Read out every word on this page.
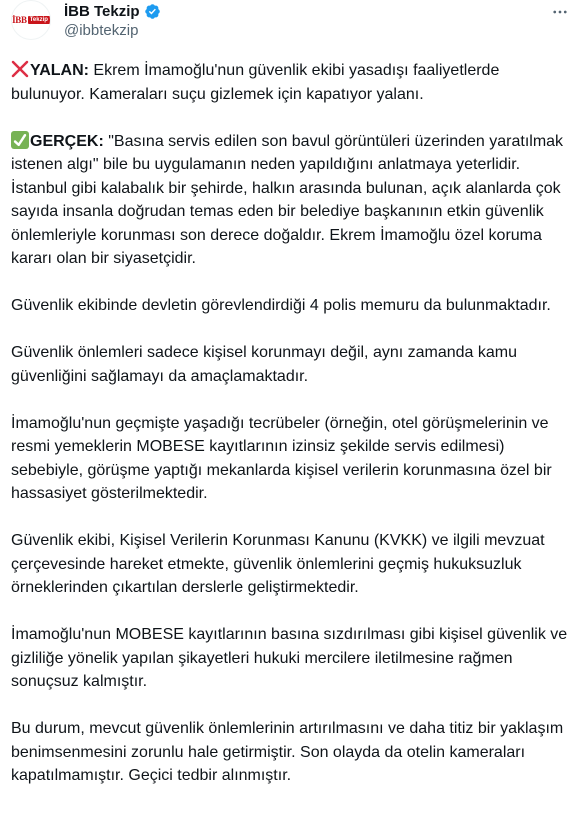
İBB Tekzip
İBB Tekzip
@ibbtekzip

YALAN: Ekrem İmamoğlu'nun güvenlik ekibi yasadışı faaliyetlerde bulunuyor. Kameraları suçu gizlemek için kapatıyor yalanı.

GERÇEK: "Basına servis edilen son bavul görüntüleri üzerinden yaratılmak istenen algı" bile bu uygulamanın neden yapıldığını anlatmaya yeterlidir. İstanbul gibi kalabalık bir şehirde, halkın arasında bulunan, açık alanlarda çok sayıda insanla doğrudan temas eden bir belediye başkanının etkin güvenlik önlemleriyle korunması son derece doğaldır. Ekrem İmamoğlu özel koruma kararı olan bir siyasetçidir.

Güvenlik ekibinde devletin görevlendirdiği 4 polis memuru da bulunmaktadır.

Güvenlik önlemleri sadece kişisel korunmayı değil, aynı zamanda kamu güvenliğini sağlamayı da amaçlamaktadır.

İmamoğlu'nun geçmişte yaşadığı tecrübeler (örneğin, otel görüşmelerinin ve resmi yemeklerin MOBESE kayıtlarının izinsiz şekilde servis edilmesi) sebebiyle, görüşme yaptığı mekanlarda kişisel verilerin korunmasına özel bir hassasiyet gösterilmektedir.

Güvenlik ekibi, Kişisel Verilerin Korunması Kanunu (KVKK) ve ilgili mevzuat çerçevesinde hareket etmekte, güvenlik önlemlerini geçmiş hukuksuzluk örneklerinden çıkartılan derslerle geliştirmektedir.

İmamoğlu'nun MOBESE kayıtlarının basına sızdırılması gibi kişisel güvenlik ve gizliliğe yönelik yapılan şikayetleri hukuki mercilere iletilmesine rağmen sonuçsuz kalmıştır.

Bu durum, mevcut güvenlik önlemlerinin artırılmasını ve daha titiz bir yaklaşım benimsenmesini zorunlu hale getirmiştir. Son olayda da otelin kameraları kapatılmamıştır. Geçici tedbir alınmıştır.
